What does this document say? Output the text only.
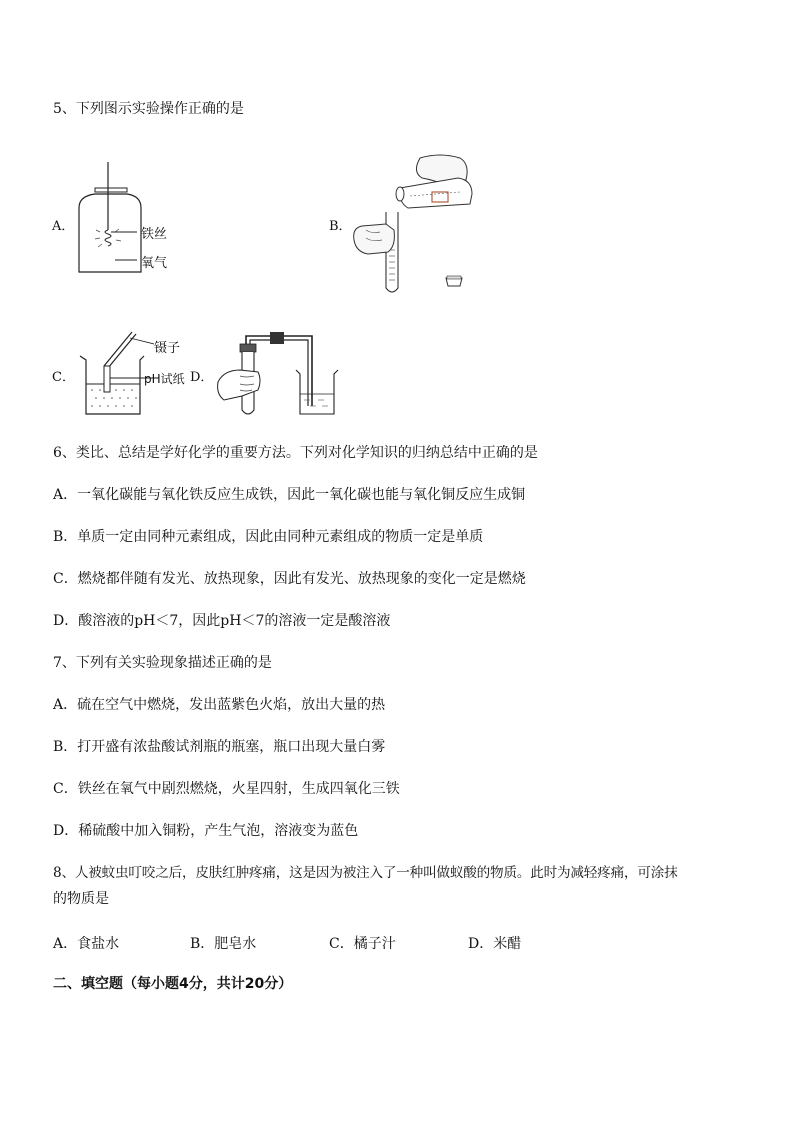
5、下列图示实验操作正确的是
A．
铁丝
氧气
B．
C．
镊子
pH试纸 D．
6、类比、总结是学好化学的重要方法。下列对化学知识的归纳总结中正确的是
A．一氧化碳能与氧化铁反应生成铁，因此一氧化碳也能与氧化铜反应生成铜
B．单质一定由同种元素组成，因此由同种元素组成的物质一定是单质
C．燃烧都伴随有发光、放热现象，因此有发光、放热现象的变化一定是燃烧
D．酸溶液的pH＜7，因此pH＜7的溶液一定是酸溶液
7、下列有关实验现象描述正确的是
A．硫在空气中燃烧，发出蓝紫色火焰，放出大量的热
B．打开盛有浓盐酸试剂瓶的瓶塞，瓶口出现大量白雾
C．铁丝在氧气中剧烈燃烧，火星四射，生成四氧化三铁
D．稀硫酸中加入铜粉，产生气泡，溶液变为蓝色
8、人被蚊虫叮咬之后，皮肤红肿疼痛，这是因为被注入了一种叫做蚁酸的物质。此时为减轻疼痛，可涂抹
的物质是
A．食盐水	B．肥皂水	C．橘子汁	D．米醋
二、填空题（每小题4分，共计20分）
